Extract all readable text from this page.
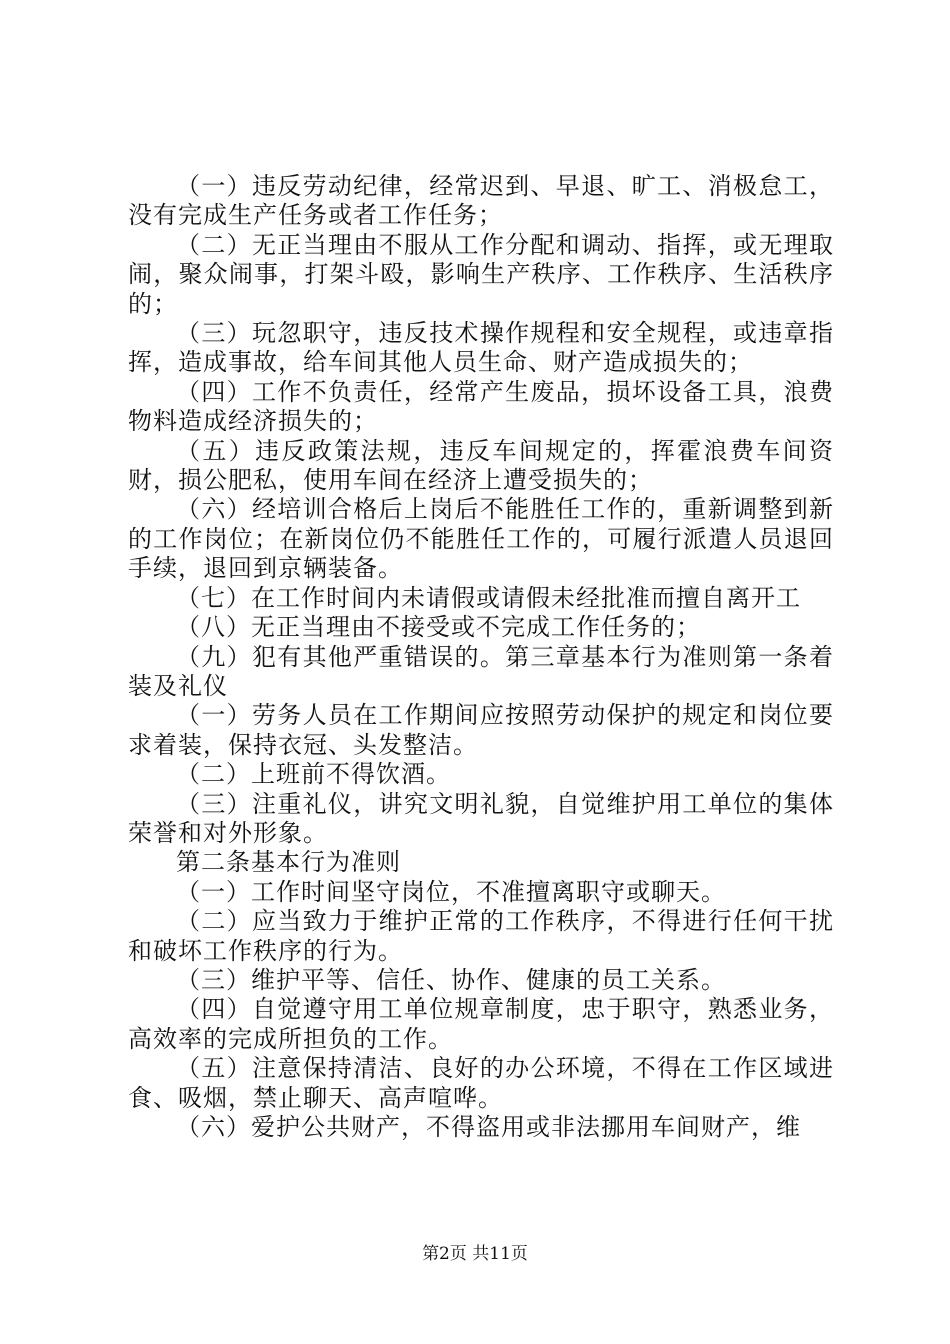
（一）违反劳动纪律，经常迟到、早退、旷工、消极怠工，没有完成生产任务或者工作任务；

（二）无正当理由不服从工作分配和调动、指挥，或无理取闹，聚众闹事，打架斗殴，影响生产秩序、工作秩序、生活秩序的；

（三）玩忽职守，违反技术操作规程和安全规程，或违章指挥，造成事故，给车间其他人员生命、财产造成损失的；

（四）工作不负责任，经常产生废品，损坏设备工具，浪费物料造成经济损失的；

（五）违反政策法规，违反车间规定的，挥霍浪费车间资财，损公肥私，使用车间在经济上遭受损失的；

（六）经培训合格后上岗后不能胜任工作的，重新调整到新的工作岗位；在新岗位仍不能胜任工作的，可履行派遣人员退回手续，退回到京辆装备。

（七）在工作时间内未请假或请假未经批准而擅自离开工

（八）无正当理由不接受或不完成工作任务的；

（九）犯有其他严重错误的。第三章基本行为准则第一条着装及礼仪

（一）劳务人员在工作期间应按照劳动保护的规定和岗位要求着装，保持衣冠、头发整洁。

（二）上班前不得饮酒。

（三）注重礼仪，讲究文明礼貌，自觉维护用工单位的集体荣誉和对外形象。

第二条基本行为准则

（一）工作时间坚守岗位，不准擅离职守或聊天。

（二）应当致力于维护正常的工作秩序，不得进行任何干扰和破坏工作秩序的行为。

（三）维护平等、信任、协作、健康的员工关系。

（四）自觉遵守用工单位规章制度，忠于职守，熟悉业务，高效率的完成所担负的工作。

（五）注意保持清洁、良好的办公环境，不得在工作区域进食、吸烟，禁止聊天、高声喧哗。

（六）爱护公共财产，不得盗用或非法挪用车间财产，维

第2页 共11页
